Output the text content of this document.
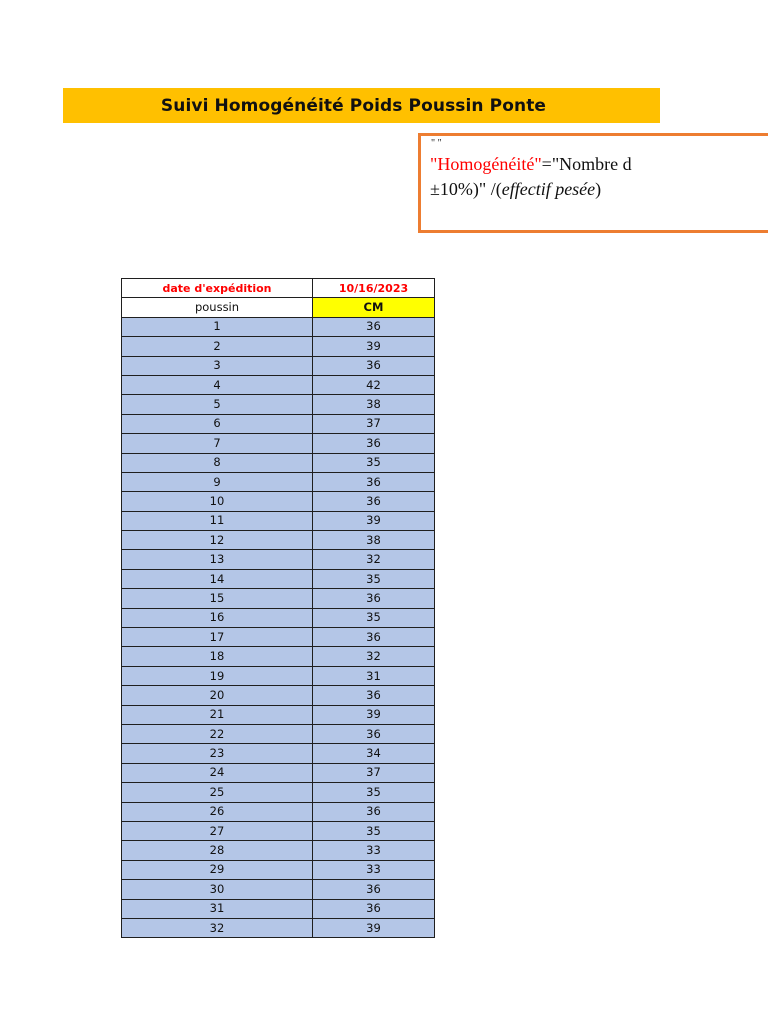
Suivi Homogénéité Poids Poussin Ponte
" "
"Homogénéité"="Nombre d
±10%)" /(effectif pesée)
date d'expédition	10/16/2023
poussin	CM
1	36
2	39
3	36
4	42
5	38
6	37
7	36
8	35
9	36
10	36
11	39
12	38
13	32
14	35
15	36
16	35
17	36
18	32
19	31
20	36
21	39
22	36
23	34
24	37
25	35
26	36
27	35
28	33
29	33
30	36
31	36
32	39
